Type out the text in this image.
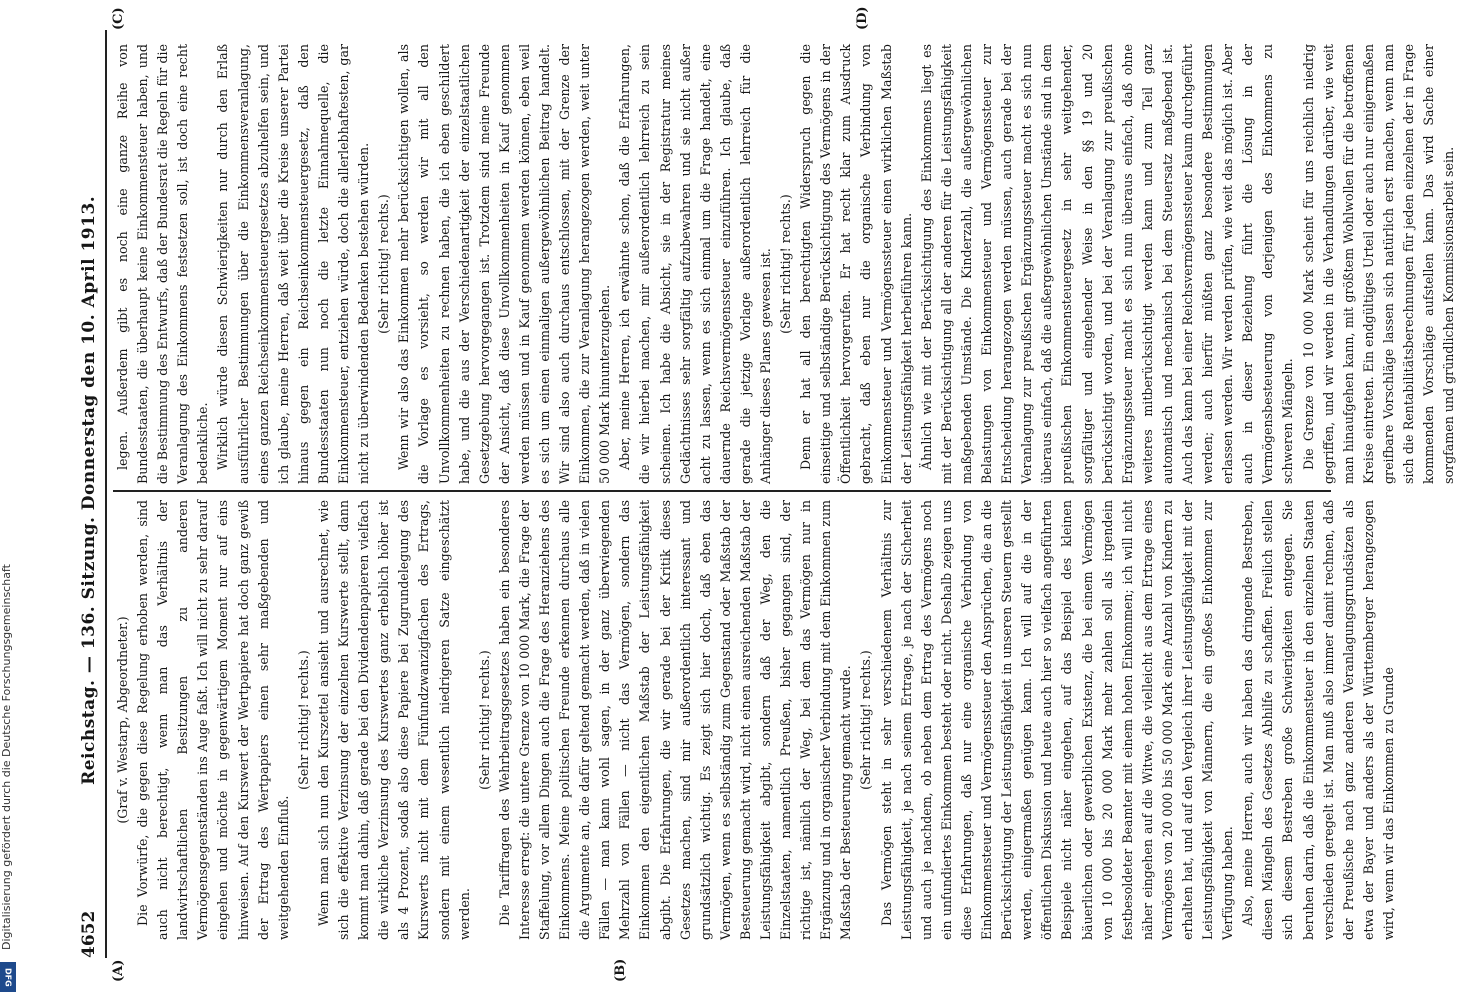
4652
Reichstag. — 136. Sitzung. Donnerstag den 10. April 1913.
(A)	(B)
(C)	(D)

(Graf v. Westarp, Abgeordneter.) Die Vorwürfe, die gegen diese Regelung erhoben werden, sind auch nicht berechtigt, wenn man das Verhältnis der landwirtschaftlichen Besitzungen zu anderen Vermögensgegenständen ins Auge faßt. Ich will nicht zu sehr darauf eingehen und möchte in gegenwärtigem Moment nur auf eins hinweisen. Auf den Kurswert der Wertpapiere hat doch ganz gewiß der Ertrag des Wertpapiers einen sehr maßgebenden und weitgehenden Einfluß.

(Sehr richtig! rechts.) Wenn man sich nun den Kurszettel ansieht und ausrechnet, wie sich die effektive Verzinsung der einzelnen Kurswerte stellt, dann kommt man dahin, daß gerade bei den Dividendenpapieren vielfach die wirkliche Verzinsung des Kurswertes ganz erheblich höher ist als 4 Prozent, sodaß also diese Papiere bei Zugrundelegung des Kurswerts nicht mit dem Fünfundzwanzigfachen des Ertrags, sondern mit einem wesentlich niedrigeren Satze eingeschätzt werden.

(Sehr richtig! rechts.) Die Tariffragen des Wehrbeitragsgesetzes haben ein besonderes Interesse erregt: die untere Grenze von 10 000 Mark, die Frage der Staffelung, vor allem Dingen auch die Frage des Heranziehens des Einkommens. Meine politischen Freunde erkennen durchaus alle die Argumente an, die dafür geltend gemacht werden, daß in vielen Fällen — man kann wohl sagen, in der ganz überwiegenden Mehrzahl von Fällen — nicht das Vermögen, sondern das Einkommen den eigentlichen Maßstab der Leistungsfähigkeit abgibt. Die Erfahrungen, die wir gerade bei der Kritik dieses Gesetzes machen, sind mir außerordentlich interessant und grundsätzlich wichtig. Es zeigt sich hier doch, daß eben das Vermögen, wenn es selbständig zum Gegenstand oder Maßstab der Besteuerung gemacht wird, nicht einen ausreichenden Maßstab der Leistungsfähigkeit abgibt, sondern daß der Weg, den die Einzelstaaten, namentlich Preußen, bisher gegangen sind, der richtige ist, nämlich der Weg, bei dem das Vermögen nur in Ergänzung und in organischer Verbindung mit dem Einkommen zum Maßstab der Besteuerung gemacht wurde. (Sehr richtig! rechts.) Das Vermögen steht in sehr verschiedenem Verhältnis zur Leistungsfähigkeit, je nach seinem Ertrage, je nach der Sicherheit und auch je nachdem, ob neben dem Ertrag des Vermögens noch ein unfundiertes Einkommen besteht oder nicht. Deshalb zeigen uns diese Erfahrungen, daß nur eine organische Verbindung von Einkommensteuer und Vermögenssteuer den Ansprüchen, die an die Berücksichtigung der Leistungsfähigkeit in unseren Steuern gestellt werden, einigermaßen genügen kann. Ich will auf die in der öffentlichen Diskussion und heute auch hier so vielfach angeführten Beispiele nicht näher eingehen, auf das Beispiel des kleinen bäuerlichen oder gewerblichen Existenz, die bei einem Vermögen von 10 000 bis 20 000 Mark mehr zahlen soll als irgendein festbesoldeter Beamter mit einem hohen Einkommen; ich will nicht näher eingehen auf die Witwe, die vielleicht aus dem Ertrage eines Vermögens von 20 000 bis 50 000 Mark eine Anzahl von Kindern zu erhalten hat, und auf den Vergleich ihrer Leistungsfähigkeit mit der Leistungsfähigkeit von Männern, die ein großes Einkommen zur Verfügung haben. Also, meine Herren, auch wir haben das dringende Bestreben, diesen Mängeln des Gesetzes Abhilfe zu schaffen. Freilich stellen sich diesem Bestreben große Schwierigkeiten entgegen. Sie beruhen darin, daß die Einkommensteuer in den einzelnen Staaten verschieden geregelt ist. Man muß also immer damit rechnen, daß der Preußische nach ganz anderen Veranlagungsgrundsätzen als etwa der Bayer und anders als der Württemberger herangezogen wird, wenn wir das Einkommen zu Grunde

legen. Außerdem gibt es noch eine ganze Reihe von Bundesstaaten, die überhaupt keine Einkommensteuer haben, und die Bestimmung des Entwurfs, daß der Bundesrat die Regeln für die Veranlagung des Einkommens festsetzen soll, ist doch eine recht bedenkliche. Wirklich würde diesen Schwierigkeiten nur durch den Erlaß ausführlicher Bestimmungen über die Einkommensveranlagung, eines ganzen Reichseinkommensteuergesetzes abzuhelfen sein, und ich glaube, meine Herren, daß weit über die Kreise unserer Partei hinaus gegen ein Reichseinkommensteuergesetz, daß den Bundesstaaten nun noch die letzte Einnahmequelle, die Einkommensteuer, entziehen würde, doch die allerlebhaftesten, gar nicht zu überwindenden Bedenken bestehen würden. (Sehr richtig! rechts.) Wenn wir also das Einkommen mehr berücksichtigen wollen, als die Vorlage es vorsieht, so werden wir mit all den Unvollkommenheiten zu rechnen haben, die ich eben geschildert habe, und die aus der Verschiedenartigkeit der einzelstaatlichen Gesetzgebung hervorgegangen ist. Trotzdem sind meine Freunde der Ansicht, daß diese Unvollkommenheiten in Kauf genommen werden müssen und in Kauf genommen werden können, eben weil es sich um einen einmaligen außergewöhnlichen Beitrag handelt. Wir sind also auch durchaus entschlossen, mit der Grenze der Einkommen, die zur Veranlagung herangezogen werden, weit unter 50 000 Mark hinunterzugehen. Aber, meine Herren, ich erwähnte schon, daß die Erfahrungen, die wir hierbei machen, mir außerordentlich lehrreich zu sein scheinen. Ich habe die Absicht, sie in der Registratur meines Gedächtnisses sehr sorgfältig aufzubewahren und sie nicht außer acht zu lassen, wenn es sich einmal um die Frage handelt, eine dauernde Reichsvermögenssteuer einzuführen. Ich glaube, daß gerade die jetzige Vorlage außerordentlich lehrreich für die Anhänger dieses Planes gewesen ist. (Sehr richtig! rechts.) Denn er hat all den berechtigten Widerspruch gegen die einseitige und selbständige Berücksichtigung des Vermögens in der Öffentlichkeit hervorgerufen. Er hat recht klar zum Ausdruck gebracht, daß eben nur die organische Verbindung von Einkommensteuer und Vermögenssteuer einen wirklichen Maßstab der Leistungsfähigkeit herbeiführen kann. Ähnlich wie mit der Berücksichtigung des Einkommens liegt es mit der Berücksichtigung all der anderen für die Leistungsfähigkeit maßgebenden Umstände. Die Kinderzahl, die außergewöhnlichen Belastungen von Einkommensteuer und Vermögenssteuer zur Entscheidung herangezogen werden müssen, auch gerade bei der Veranlagung zur preußischen Ergänzungssteuer macht es sich nun überaus einfach, daß die außergewöhnlichen Umstände sind in dem preußischen Einkommensteuergesetz in sehr weitgehender, sorgfältiger und eingehender Weise in den §§ 19 und 20 berücksichtigt worden, und bei der Veranlagung zur preußischen Ergänzungssteuer macht es sich nun überaus einfach, daß ohne weiteres mitberücksichtigt werden kann und zum Teil ganz automatisch und mechanisch bei dem Steuersatz maßgebend ist. Auch das kann bei einer Reichsvermögenssteuer kaum durchgeführt werden; auch hierfür müßten ganz besondere Bestimmungen erlassen werden. Wir werden prüfen, wie weit das möglich ist. Aber auch in dieser Beziehung führt die Lösung in der Vermögensbesteuerung von derjenigen des Einkommens zu schweren Mängeln. Die Grenze von 10 000 Mark scheint für uns reichlich niedrig gegriffen, und wir werden in die Verhandlungen darüber, wie weit man hinaufgehen kann, mit größtem Wohlwollen für die betroffenen Kreise eintreten. Ein endgültiges Urteil oder auch nur einigermaßen greifbare Vorschläge lassen sich natürlich erst machen, wenn man sich die Rentabilitätsberechnungen für jeden einzelnen der in Frage kommenden Vorschläge aufstellen kann. Das wird Sache einer sorgfamen und gründlichen Kommissionsarbeit sein.

Digitalisierung gefördert durch die Deutsche Forschungsgemeinschaft
DFG
